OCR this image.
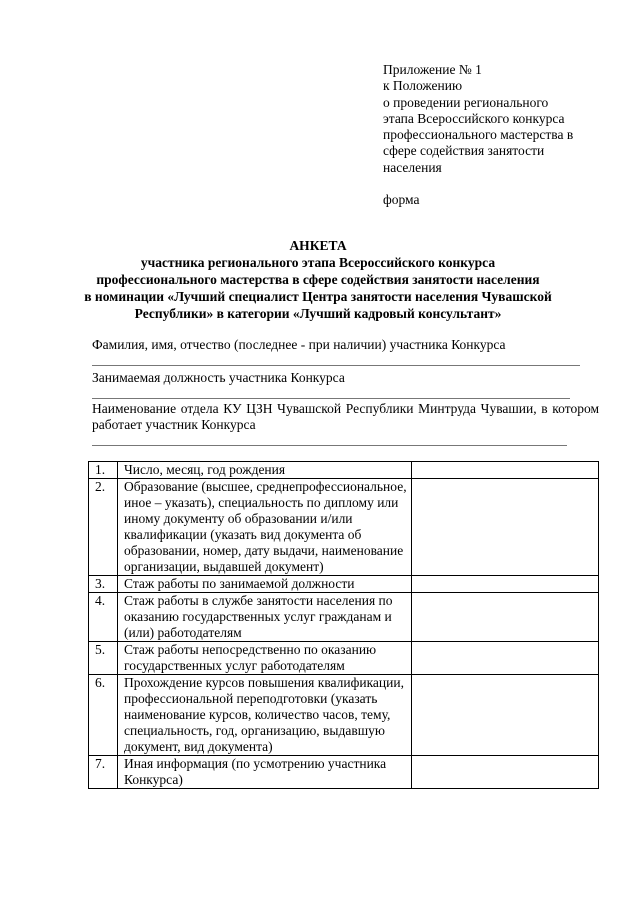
Приложение № 1
к Положению
о проведении регионального
этапа Всероссийского конкурса
профессионального мастерства в
сфере содействия занятости
населения
форма
АНКЕТА
участника регионального этапа Всероссийского конкурса
профессионального мастерства в сфере содействия занятости населения
в номинации «Лучший специалист Центра занятости населения Чувашской
Республики» в категории «Лучший кадровый консультант»
Фамилия, имя, отчество (последнее - при наличии) участника Конкурса
Занимаемая должность участника Конкурса
Наименование отдела КУ ЦЗН Чувашской Республики Минтруда Чувашии, в котором работает участник Конкурса
1.	Число, месяц, год рождения	
2.	Образование (высшее, среднепрофессиональное, иное – указать), специальность по диплому или иному документу об образовании и/или квалификации (указать вид документа об образовании, номер, дату выдачи, наименование организации, выдавшей документ)	
3.	Стаж работы по занимаемой должности	
4.	Стаж работы в службе занятости населения по оказанию государственных услуг гражданам и (или) работодателям	
5.	Стаж работы непосредственно по оказанию государственных услуг работодателям	
6.	Прохождение курсов повышения квалификации, профессиональной переподготовки (указать наименование курсов, количество часов, тему, специальность, год, организацию, выдавшую документ, вид документа)	
7.	Иная информация (по усмотрению участника Конкурса)	
